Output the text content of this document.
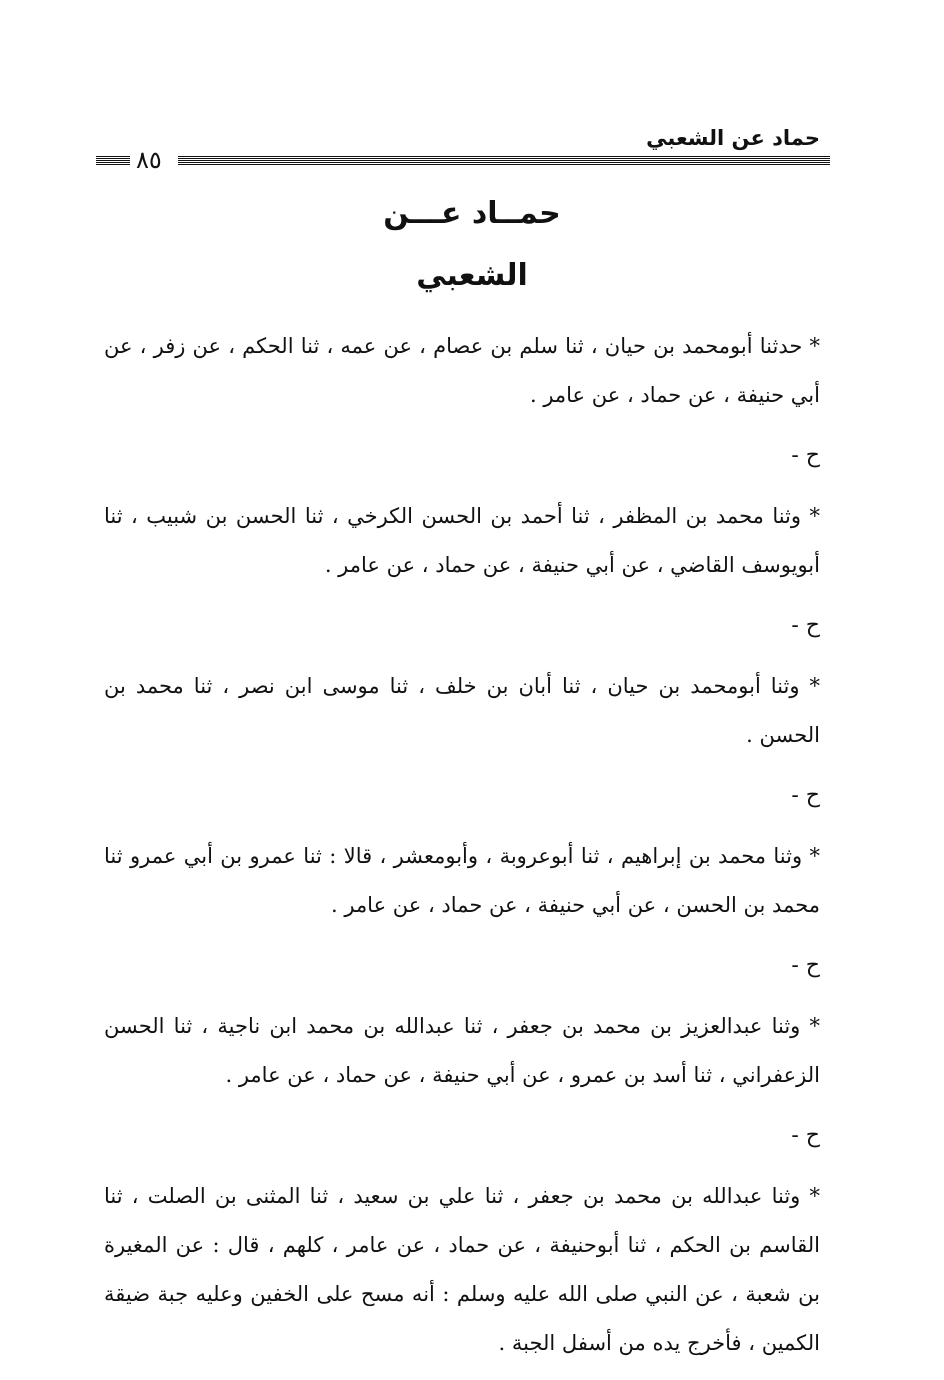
حماد عن الشعبي
٨٥
حمــاد عـــن
الشعبي

* حدثنا أبومحمد بن حيان ، ثنا سلم بن عصام ، عن عمه ، ثنا الحكم ، عن زفر ، عن أبي حنيفة ، عن حماد ، عن عامر .

ح -

* وثنا محمد بن المظفر ، ثنا أحمد بن الحسن الكرخي ، ثنا الحسن بن شبيب ، ثنا أبويوسف القاضي ، عن أبي حنيفة ، عن حماد ، عن عامر .

ح -

* وثنا أبومحمد بن حيان ، ثنا أبان بن خلف ، ثنا موسى ابن نصر ، ثنا محمد بن الحسن .

ح -

* وثنا محمد بن إبراهيم ، ثنا أبوعروبة ، وأبومعشر ، قالا : ثنا عمرو بن أبي عمرو ثنا محمد بن الحسن ، عن أبي حنيفة ، عن حماد ، عن عامر .

ح -

* وثنا عبدالعزيز بن محمد بن جعفر ، ثنا عبدالله بن محمد ابن ناجية ، ثنا الحسن الزعفراني ، ثنا أسد بن عمرو ، عن أبي حنيفة ، عن حماد ، عن عامر .

ح -

* وثنا عبدالله بن محمد بن جعفر ، ثنا علي بن سعيد ، ثنا المثنى بن الصلت ، ثنا القاسم بن الحكم ، ثنا أبوحنيفة ، عن حماد ، عن عامر ، كلهم ، قال : عن المغيرة بن شعبة ، عن النبي صلى الله عليه وسلم : أنه مسح على الخفين وعليه جبة ضيقة الكمين ، فأخرج يده من أسفل الجبة .
